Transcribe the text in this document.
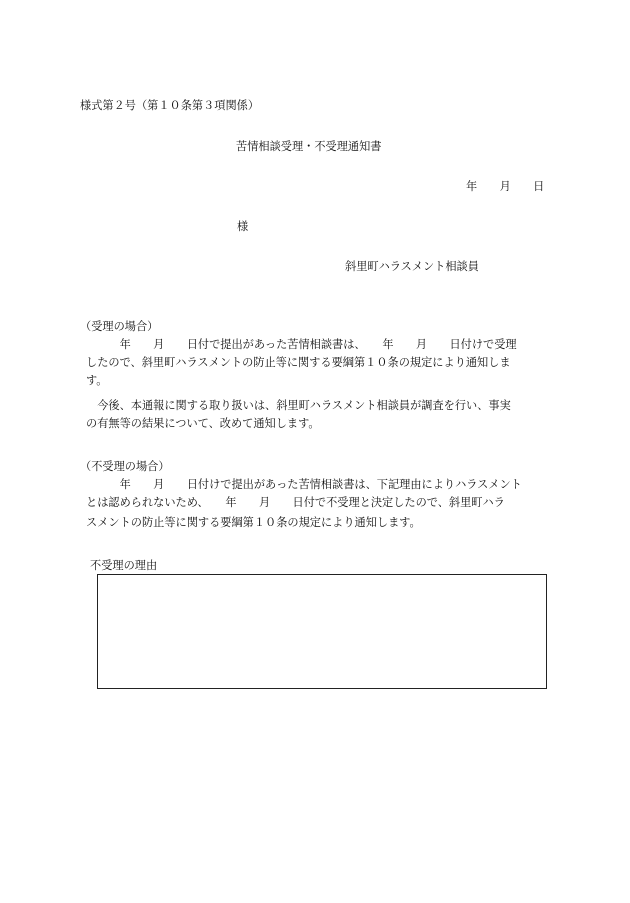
様式第２号（第１０条第３項関係）
苦情相談受理・不受理通知書
年　　月　　日
様
斜里町ハラスメント相談員
（受理の場合）
　　　年　　月　　日付で提出があった苦情相談書は、　　年　　月　　日付けで受理
したので、斜里町ハラスメントの防止等に関する要綱第１０条の規定により通知しま
す。
　今後、本通報に関する取り扱いは、斜里町ハラスメント相談員が調査を行い、事実
の有無等の結果について、改めて通知します。
（不受理の場合）
　　　年　　月　　日付けで提出があった苦情相談書は、下記理由によりハラスメント
とは認められないため、　　年　　月　　日付で不受理と決定したので、斜里町ハラ
スメントの防止等に関する要綱第１０条の規定により通知します。
不受理の理由
